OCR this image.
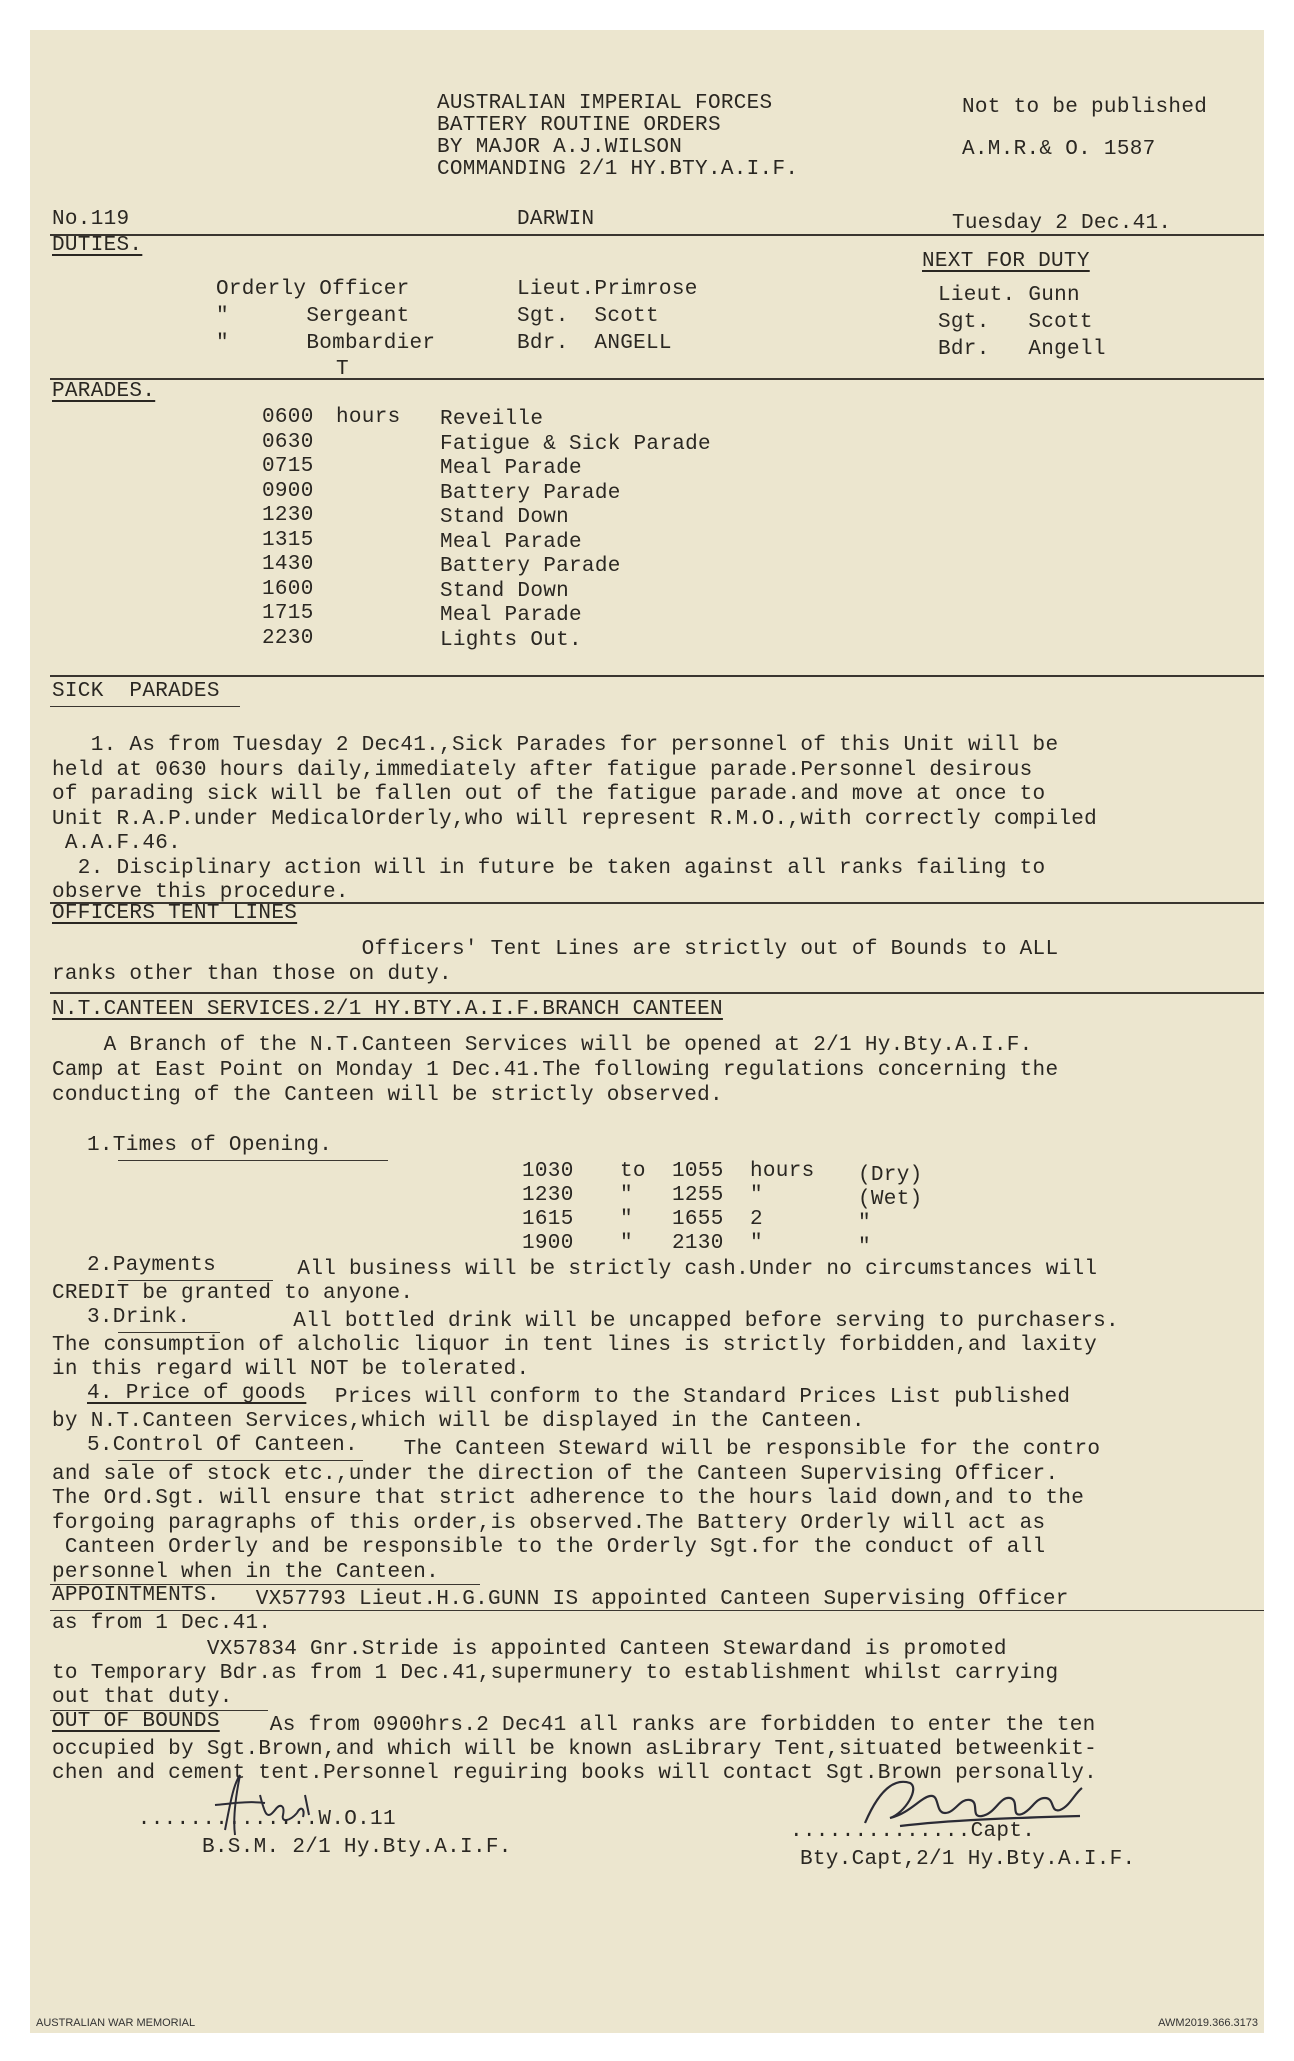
AUSTRALIAN IMPERIAL FORCES
BATTERY ROUTINE ORDERS
BY MAJOR A.J.WILSON
COMMANDING 2/1 HY.BTY.A.I.F.
Not to be published
A.M.R.& O. 1587
No.119	DARWIN	Tuesday 2 Dec.41.
DUTIES.
NEXT FOR DUTY
Orderly Officer	Lieut.Primrose	Lieut. Gunn
"      Sergeant	Sgt.  Scott	Sgt.   Scott
"      Bombardier	Bdr.  ANGELL	Bdr.   Angell
T
PARADES.
0600 hours Reveille
0630	Fatigue & Sick Parade
0715	Meal Parade
0900	Battery Parade
1230	Stand Down
1315	Meal Parade
1430	Battery Parade
1600	Stand Down
1715	Meal Parade
2230	Lights Out.
SICK  PARADES
1. As from Tuesday 2 Dec41.,Sick Parades for personnel of this Unit will be
held at 0630 hours daily,immediately after fatigue parade.Personnel desirous
of parading sick will be fallen out of the fatigue parade.and move at once to
Unit R.A.P.under MedicalOrderly,who will represent R.M.O.,with correctly compiled
A.A.F.46.
2. Disciplinary action will in future be taken against all ranks failing to
observe this procedure.
OFFICERS TENT LINES
Officers' Tent Lines are strictly out of Bounds to ALL
ranks other than those on duty.
N.T.CANTEEN SERVICES.2/1 HY.BTY.A.I.F.BRANCH CANTEEN
A Branch of the N.T.Canteen Services will be opened at 2/1 Hy.Bty.A.I.F.
Camp at East Point on Monday 1 Dec.41.The following regulations concerning the
conducting of the Canteen will be strictly observed.
1.Times of Opening.
1030 to 1055 hours (Dry)
1230 " 1255 "	(Wet)
1615 " 1655 2	"
1900 " 2130 "	"
2.Payments All business will be strictly cash.Under no circumstances will
CREDIT be granted to anyone.
3.Drink. All bottled drink will be uncapped before serving to purchasers.
The consumption of alcholic liquor in tent lines is strictly forbidden,and laxity
in this regard will NOT be tolerated.
4. Price of goods Prices will conform to the Standard Prices List published
by N.T.Canteen Services,which will be displayed in the Canteen.
5.Control Of Canteen.
The Canteen Steward will be responsible for the contro
and sale of stock etc.,under the direction of the Canteen Supervising Officer.
The Ord.Sgt. will ensure that strict adherence to the hours laid down,and to the
forgoing paragraphs of this order,is observed.The Battery Orderly will act as
Canteen Orderly and be responsible to the Orderly Sgt.for the conduct of all
personnel when in the Canteen.
APPOINTMENTS. VX57793 Lieut.H.G.GUNN IS appointed Canteen Supervising Officer
as from 1 Dec.41.
VX57834 Gnr.Stride is appointed Canteen Stewardand is promoted
to Temporary Bdr.as from 1 Dec.41,supermunery to establishment whilst carrying
out that duty.
OUT OF BOUNDS As from 0900hrs.2 Dec41 all ranks are forbidden to enter the ten
occupied by Sgt.Brown,and which will be known asLibrary Tent,situated betweenkit-
chen and cement tent.Personnel reguiring books will contact Sgt.Brown personally.
..............W.O.11
B.S.M. 2/1 Hy.Bty.A.I.F.
..............Capt.
Bty.Capt,2/1 Hy.Bty.A.I.F.
AUSTRALIAN WAR MEMORIAL	AWM2019.366.3173
